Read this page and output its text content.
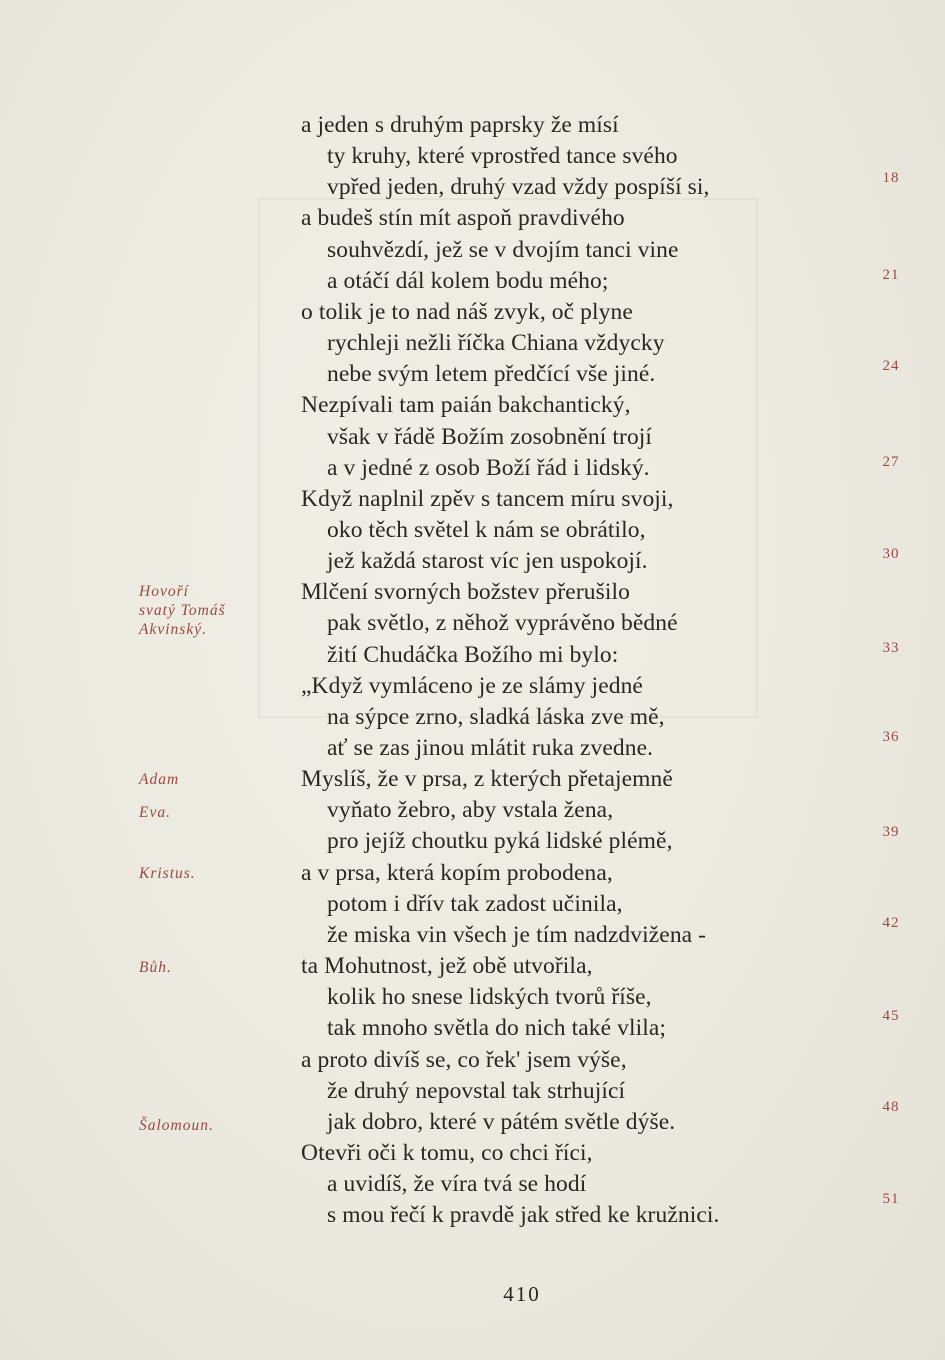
a jeden s druhým paprsky že mísí
ty kruhy, které vprostřed tance svého
vpřed jeden, druhý vzad vždy pospíší si,
a budeš stín mít aspoň pravdivého
souhvězdí, jež se v dvojím tanci vine
a otáčí dál kolem bodu mého;
o tolik je to nad náš zvyk, oč plyne
rychleji nežli říčka Chiana vždycky
nebe svým letem předčící vše jiné.
Nezpívali tam paián bakchantický,
však v řádě Božím zosobnění trojí
a v jedné z osob Boží řád i lidský.
Když naplnil zpěv s tancem míru svoji,
oko těch světel k nám se obrátilo,
jež každá starost víc jen uspokojí.
Mlčení svorných božstev přerušilo
pak světlo, z něhož vyprávěno bědné
žití Chudáčka Božího mi bylo:
„Když vymláceno je ze slámy jedné
na sýpce zrno, sladká láska zve mě,
ať se zas jinou mlátit ruka zvedne.
Myslíš, že v prsa, z kterých přetajemně
vyňato žebro, aby vstala žena,
pro jejíž choutku pyká lidské plémě,
a v prsa, která kopím probodena,
potom i dřív tak zadost učinila,
že miska vin všech je tím nadzdvižena -
ta Mohutnost, jež obě utvořila,
kolik ho snese lidských tvorů říše,
tak mnoho světla do nich také vlila;
a proto divíš se, co řek' jsem výše,
že druhý nepovstal tak strhující
jak dobro, které v pátém světle dýše.
Otevři oči k tomu, co chci říci,
a uvidíš, že víra tvá se hodí
s mou řečí k pravdě jak střed ke kružnici.
18
21
24
27
30
33
36
39
42
45
48
51
Hovoří
svatý Tomáš
Akvinský.
Adam
Eva.
Kristus.
Bůh.
Šalomoun.
410
